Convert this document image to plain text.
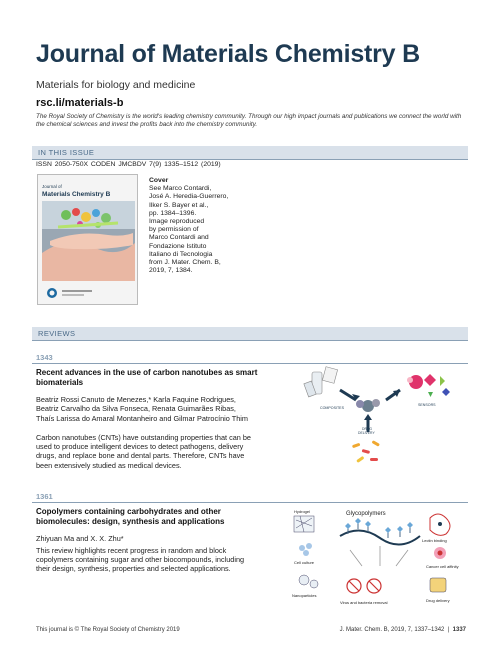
Journal of Materials Chemistry B
Materials for biology and medicine
rsc.li/materials-b
The Royal Society of Chemistry is the world's leading chemistry community. Through our high impact journals and publications we connect the world with the chemical sciences and invest the profits back into the chemistry community.
IN THIS ISSUE
ISSN 2050-750X CODEN JMCBDV 7(9) 1335–1512 (2019)
Journal of
Materials Chemistry B
Cover
See Marco Contardi,
José A. Heredia-Guerrero,
Ilker S. Bayer et al.,
pp. 1384–1396.
Image reproduced
by permission of
Marco Contardi and
Fondazione Istituto
Italiano di Tecnologia
from J. Mater. Chem. B,
2019, 7, 1384.
REVIEWS
1343
Recent advances in the use of carbon nanotubes as smart biomaterials
Beatriz Rossi Canuto de Menezes,* Karla Faquine Rodrigues, Beatriz Carvalho da Silva Fonseca, Renata Guimarães Ribas, Thaís Larissa do Amaral Montanheiro and Gilmar Patrocínio Thim
Carbon nanotubes (CNTs) have outstanding properties that can be used to produce intelligent devices to detect pathogens, delivery drugs, and replace bone and dental parts. Therefore, CNTs have been extensively studied as medical devices.
COMPOSITES
SENSORS
DRUG
DELIVERY
1361
Copolymers containing carbohydrates and other biomolecules: design, synthesis and applications
Zhiyuan Ma and X. X. Zhu*
This review highlights recent progress in random and block copolymers containing sugar and other biocompounds, including their design, synthesis, properties and selected applications.
Hydrogel	Glycopolymers
Lectin binding
Cell culture
Cancer cell affinity
Nanoparticles
Virus and bacteria removal	Drug delivery
This journal is © The Royal Society of Chemistry 2019	J. Mater. Chem. B, 2019, 7, 1337–1342  |  1337
